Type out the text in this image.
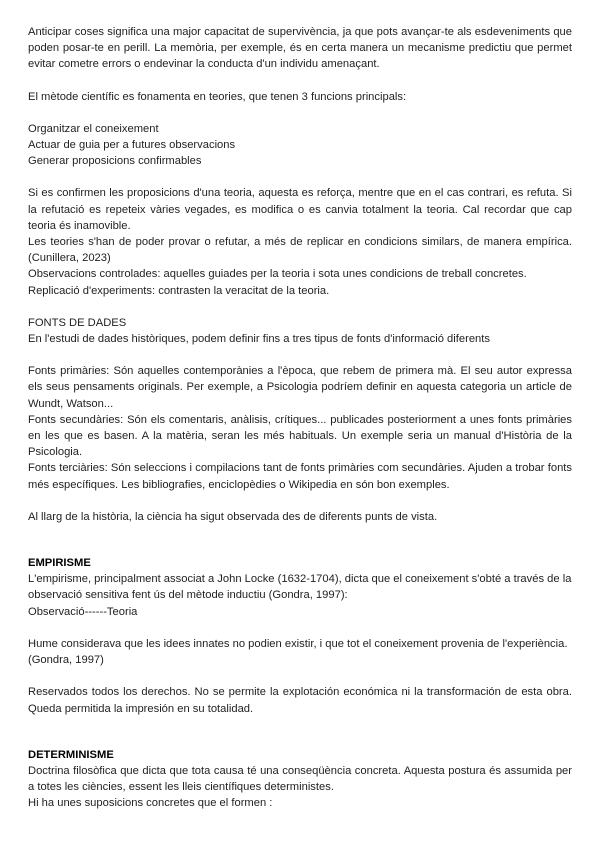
Anticipar coses significa una major capacitat de supervivència, ja que pots avançar-te als esdeveniments que poden posar-te en perill. La memòria, per exemple, és en certa manera un mecanisme predictiu que permet evitar cometre errors o endevinar la conducta d'un individu amenaçant.

El mètode científic es fonamenta en teories, que tenen 3 funcions principals:

Organitzar el coneixement

Actuar de guia per a futures observacions

Generar proposicions confirmables

Si es confirmen les proposicions d'una teoria, aquesta es reforça, mentre que en el cas contrari, es refuta. Si la refutació es repeteix vàries vegades, es modifica o es canvia totalment la teoria. Cal recordar que cap teoria és inamovible.

Les teories s'han de poder provar o refutar, a més de replicar en condicions similars, de manera empírica. (Cunillera, 2023)

Observacions controlades: aquelles guiades per la teoria i sota unes condicions de treball concretes.

Replicació d'experiments: contrasten la veracitat de la teoria.

FONTS DE DADES

En l'estudi de dades històriques, podem definir fins a tres tipus de fonts d'informació diferents

Fonts primàries: Són aquelles contemporànies a l'època, que rebem de primera mà. El seu autor expressa els seus pensaments originals. Per exemple, a Psicologia podríem definir en aquesta categoria un article de Wundt, Watson...

Fonts secundàries: Són els comentaris, anàlisis, crítiques... publicades posteriorment a unes fonts primàries en les que es basen. A la matèria, seran les més habituals. Un exemple seria un manual d'Història de la Psicologia.

Fonts terciàries: Són seleccions i compilacions tant de fonts primàries com secundàries. Ajuden a trobar fonts més específiques. Les bibliografies, enciclopèdies o Wikipedia en són bon exemples.

Al llarg de la història, la ciència ha sigut observada des de diferents punts de vista.

EMPIRISME

L'empirisme, principalment associat a John Locke (1632-1704), dicta que el coneixement s'obté a través de la observació sensitiva fent ús del mètode inductiu (Gondra, 1997):

Observació------Teoria

Hume considerava que les idees innates no podien existir, i que tot el coneixement provenia de l'experiència. (Gondra, 1997)

Reservados todos los derechos. No se permite la explotación económica ni la transformación de esta obra. Queda permitida la impresión en su totalidad.

DETERMINISME

Doctrina filosòfica que dicta que tota causa té una conseqüència concreta. Aquesta postura és assumida per a totes les ciències, essent les lleis científiques deterministes.

Hi ha unes suposicions concretes que el formen :
